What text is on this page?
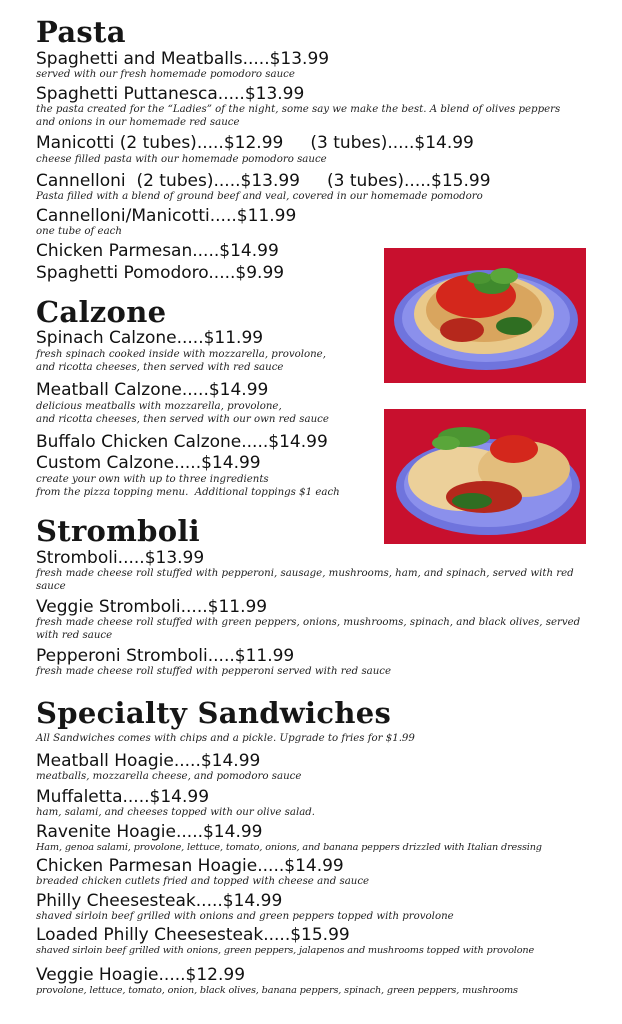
Pasta
Spaghetti and Meatballs.....$13.99
served with our fresh homemade pomodoro sauce
Spaghetti Puttanesca.....$13.99
the pasta created for the “Ladies” of the night, some say we make the best. A blend of olives peppers and onions in our homemade red sauce
Manicotti (2 tubes).....$12.99     (3 tubes).....$14.99
cheese filled pasta with our homemade pomodoro sauce
Cannelloni  (2 tubes).....$13.99     (3 tubes).....$15.99
Pasta filled with a blend of ground beef and veal, covered in our homemade pomodoro
Cannelloni/Manicotti.....$11.99
one tube of each
Chicken Parmesan.....$14.99
Spaghetti Pomodoro.....$9.99
Calzone
Spinach Calzone.....$11.99
fresh spinach cooked inside with mozzarella, provolone,
and ricotta cheeses, then served with red sauce
Meatball Calzone.....$14.99
delicious meatballs with mozzarella, provolone,
and ricotta cheeses, then served with our own red sauce
Buffalo Chicken Calzone.....$14.99
Custom Calzone.....$14.99
create your own with up to three ingredients
from the pizza topping menu.  Additional toppings $1 each
Stromboli
Stromboli.....$13.99
fresh made cheese roll stuffed with pepperoni, sausage, mushrooms, ham, and spinach, served with red sauce
Veggie Stromboli.....$11.99
fresh made cheese roll stuffed with green peppers, onions, mushrooms, spinach, and black olives, served with red sauce
Pepperoni Stromboli.....$11.99
fresh made cheese roll stuffed with pepperoni served with red sauce
Specialty Sandwiches
All Sandwiches comes with chips and a pickle. Upgrade to fries for $1.99
Meatball Hoagie.....$14.99
meatballs, mozzarella cheese, and pomodoro sauce
Muffaletta.....$14.99
ham, salami, and cheeses topped with our olive salad.
Ravenite Hoagie.....$14.99
Ham, genoa salami, provolone, lettuce, tomato, onions, and banana peppers drizzled with Italian dressing
Chicken Parmesan Hoagie.....$14.99
breaded chicken cutlets fried and topped with cheese and sauce
Philly Cheesesteak.....$14.99
shaved sirloin beef grilled with onions and green peppers topped with provolone
Loaded Philly Cheesesteak.....$15.99
shaved sirloin beef grilled with onions, green peppers, jalapenos and mushrooms topped with provolone
Veggie Hoagie.....$12.99
provolone, lettuce, tomato, onion, black olives, banana peppers, spinach, green peppers, mushrooms
